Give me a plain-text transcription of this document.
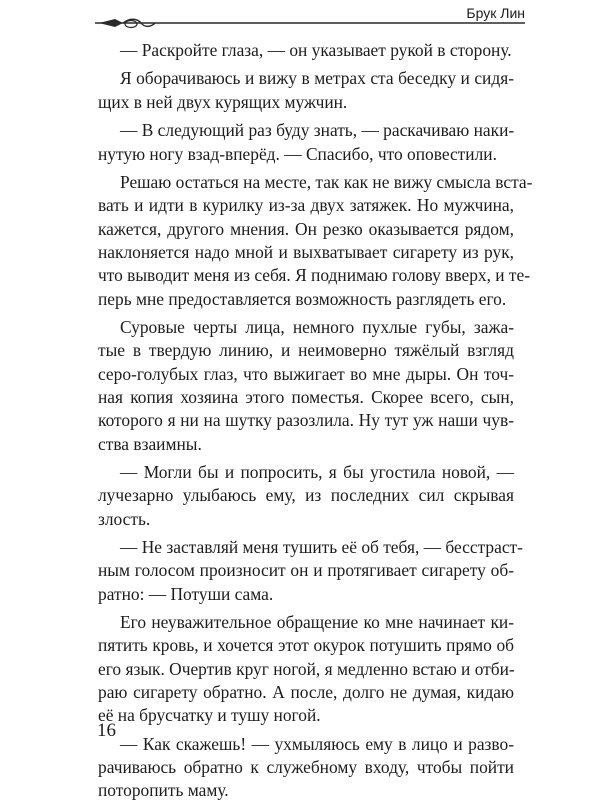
Брук Лин
— Раскройте глаза, — он указывает рукой в сторону.
Я оборачиваюсь и вижу в метрах ста беседку и сидя-
щих в ней двух курящих мужчин.
— В следующий раз буду знать, — раскачиваю наки-
нутую ногу взад-вперёд. — Спасибо, что оповестили.
Решаю остаться на месте, так как не вижу смысла вста-
вать и идти в курилку из-за двух затяжек. Но мужчина,
кажется, другого мнения. Он резко оказывается рядом,
наклоняется надо мной и выхватывает сигарету из рук,
что выводит меня из себя. Я поднимаю голову вверх, и те-
перь мне предоставляется возможность разглядеть его.
Суровые черты лица, немного пухлые губы, зажа-
тые в твердую линию, и неимоверно тяжёлый взгляд
серо-голубых глаз, что выжигает во мне дыры. Он точ-
ная копия хозяина этого поместья. Скорее всего, сын,
которого я ни на шутку разозлила. Ну тут уж наши чув-
ства взаимны.
— Могли бы и попросить, я бы угостила новой, —
лучезарно улыбаюсь ему, из последних сил скрывая
злость.
— Не заставляй меня тушить её об тебя, — бесстраст-
ным голосом произносит он и протягивает сигарету об-
ратно: — Потуши сама.
Его неуважительное обращение ко мне начинает ки-
пятить кровь, и хочется этот окурок потушить прямо об
его язык. Очертив круг ногой, я медленно встаю и отби-
раю сигарету обратно. А после, долго не думая, кидаю
её на брусчатку и тушу ногой.
— Как скажешь! — ухмыляюсь ему в лицо и разво-
рачиваюсь обратно к служебному входу, чтобы пойти
поторопить маму.
16
